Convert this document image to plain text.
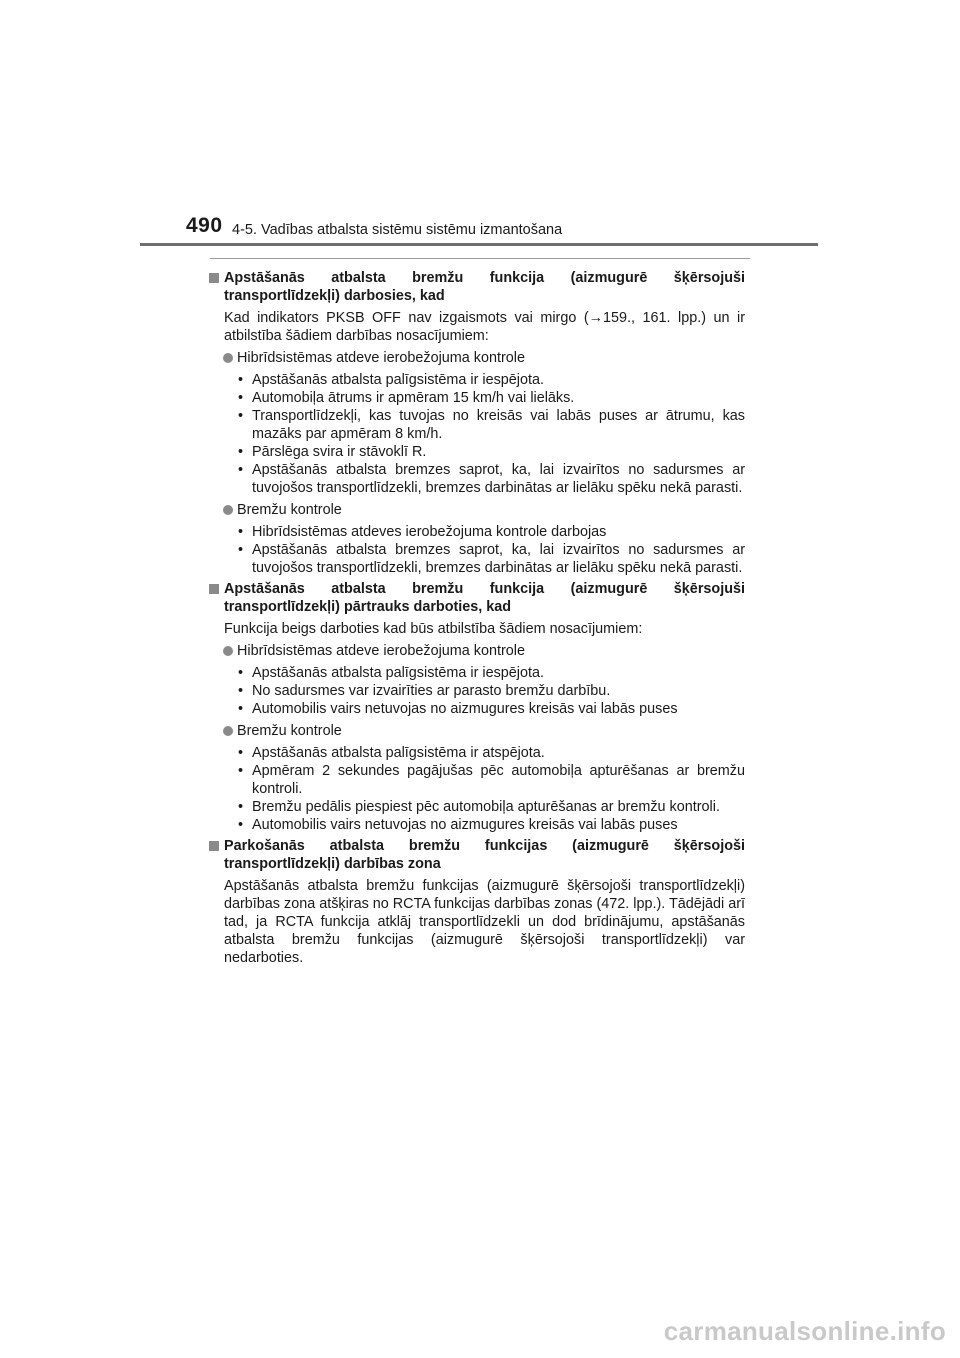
490 4-5. Vadības atbalsta sistēmu sistēmu izmantošana
Apstāšanās atbalsta bremžu funkcija (aizmugurē šķērsojuši transportlīdzekļi) darbosies, kad
Kad indikators PKSB OFF nav izgaismots vai mirgo (→159., 161. lpp.) un ir atbilstība šādiem darbības nosacījumiem:
Hibrīdsistēmas atdeve ierobežojuma kontrole
• Apstāšanās atbalsta palīgsistēma ir iespējota.
• Automobiļa ātrums ir apmēram 15 km/h vai lielāks.
• Transportlīdzekļi, kas tuvojas no kreisās vai labās puses ar ātrumu, kas mazāks par apmēram 8 km/h.
• Pārslēga svira ir stāvoklī R.
• Apstāšanās atbalsta bremzes saprot, ka, lai izvairītos no sadursmes ar tuvojošos transportlīdzekli, bremzes darbinātas ar lielāku spēku nekā parasti.
Bremžu kontrole
• Hibrīdsistēmas atdeves ierobežojuma kontrole darbojas
• Apstāšanās atbalsta bremzes saprot, ka, lai izvairītos no sadursmes ar tuvojošos transportlīdzekli, bremzes darbinātas ar lielāku spēku nekā parasti.
Apstāšanās atbalsta bremžu funkcija (aizmugurē šķērsojuši transportlīdzekļi) pārtrauks darboties, kad
Funkcija beigs darboties kad būs atbilstība šādiem nosacījumiem:
Hibrīdsistēmas atdeve ierobežojuma kontrole
• Apstāšanās atbalsta palīgsistēma ir iespējota.
• No sadursmes var izvairīties ar parasto bremžu darbību.
• Automobilis vairs netuvojas no aizmugures kreisās vai labās puses
Bremžu kontrole
• Apstāšanās atbalsta palīgsistēma ir atspējota.
• Apmēram 2 sekundes pagājušas pēc automobiļa apturēšanas ar bremžu kontroli.
• Bremžu pedālis piespiest pēc automobiļa apturēšanas ar bremžu kontroli.
• Automobilis vairs netuvojas no aizmugures kreisās vai labās puses
Parkošanās atbalsta bremžu funkcijas (aizmugurē šķērsojoši transportlīdzekļi) darbības zona
Apstāšanās atbalsta bremžu funkcijas (aizmugurē šķērsojoši transportlīdzekļi) darbības zona atšķiras no RCTA funkcijas darbības zonas (472. lpp.). Tādējādi arī tad, ja RCTA funkcija atklāj transportlīdzekli un dod brīdinājumu, apstāšanās atbalsta bremžu funkcijas (aizmugurē šķērsojoši transportlīdzekļi) var nedarboties.
carmanualsonline.info
